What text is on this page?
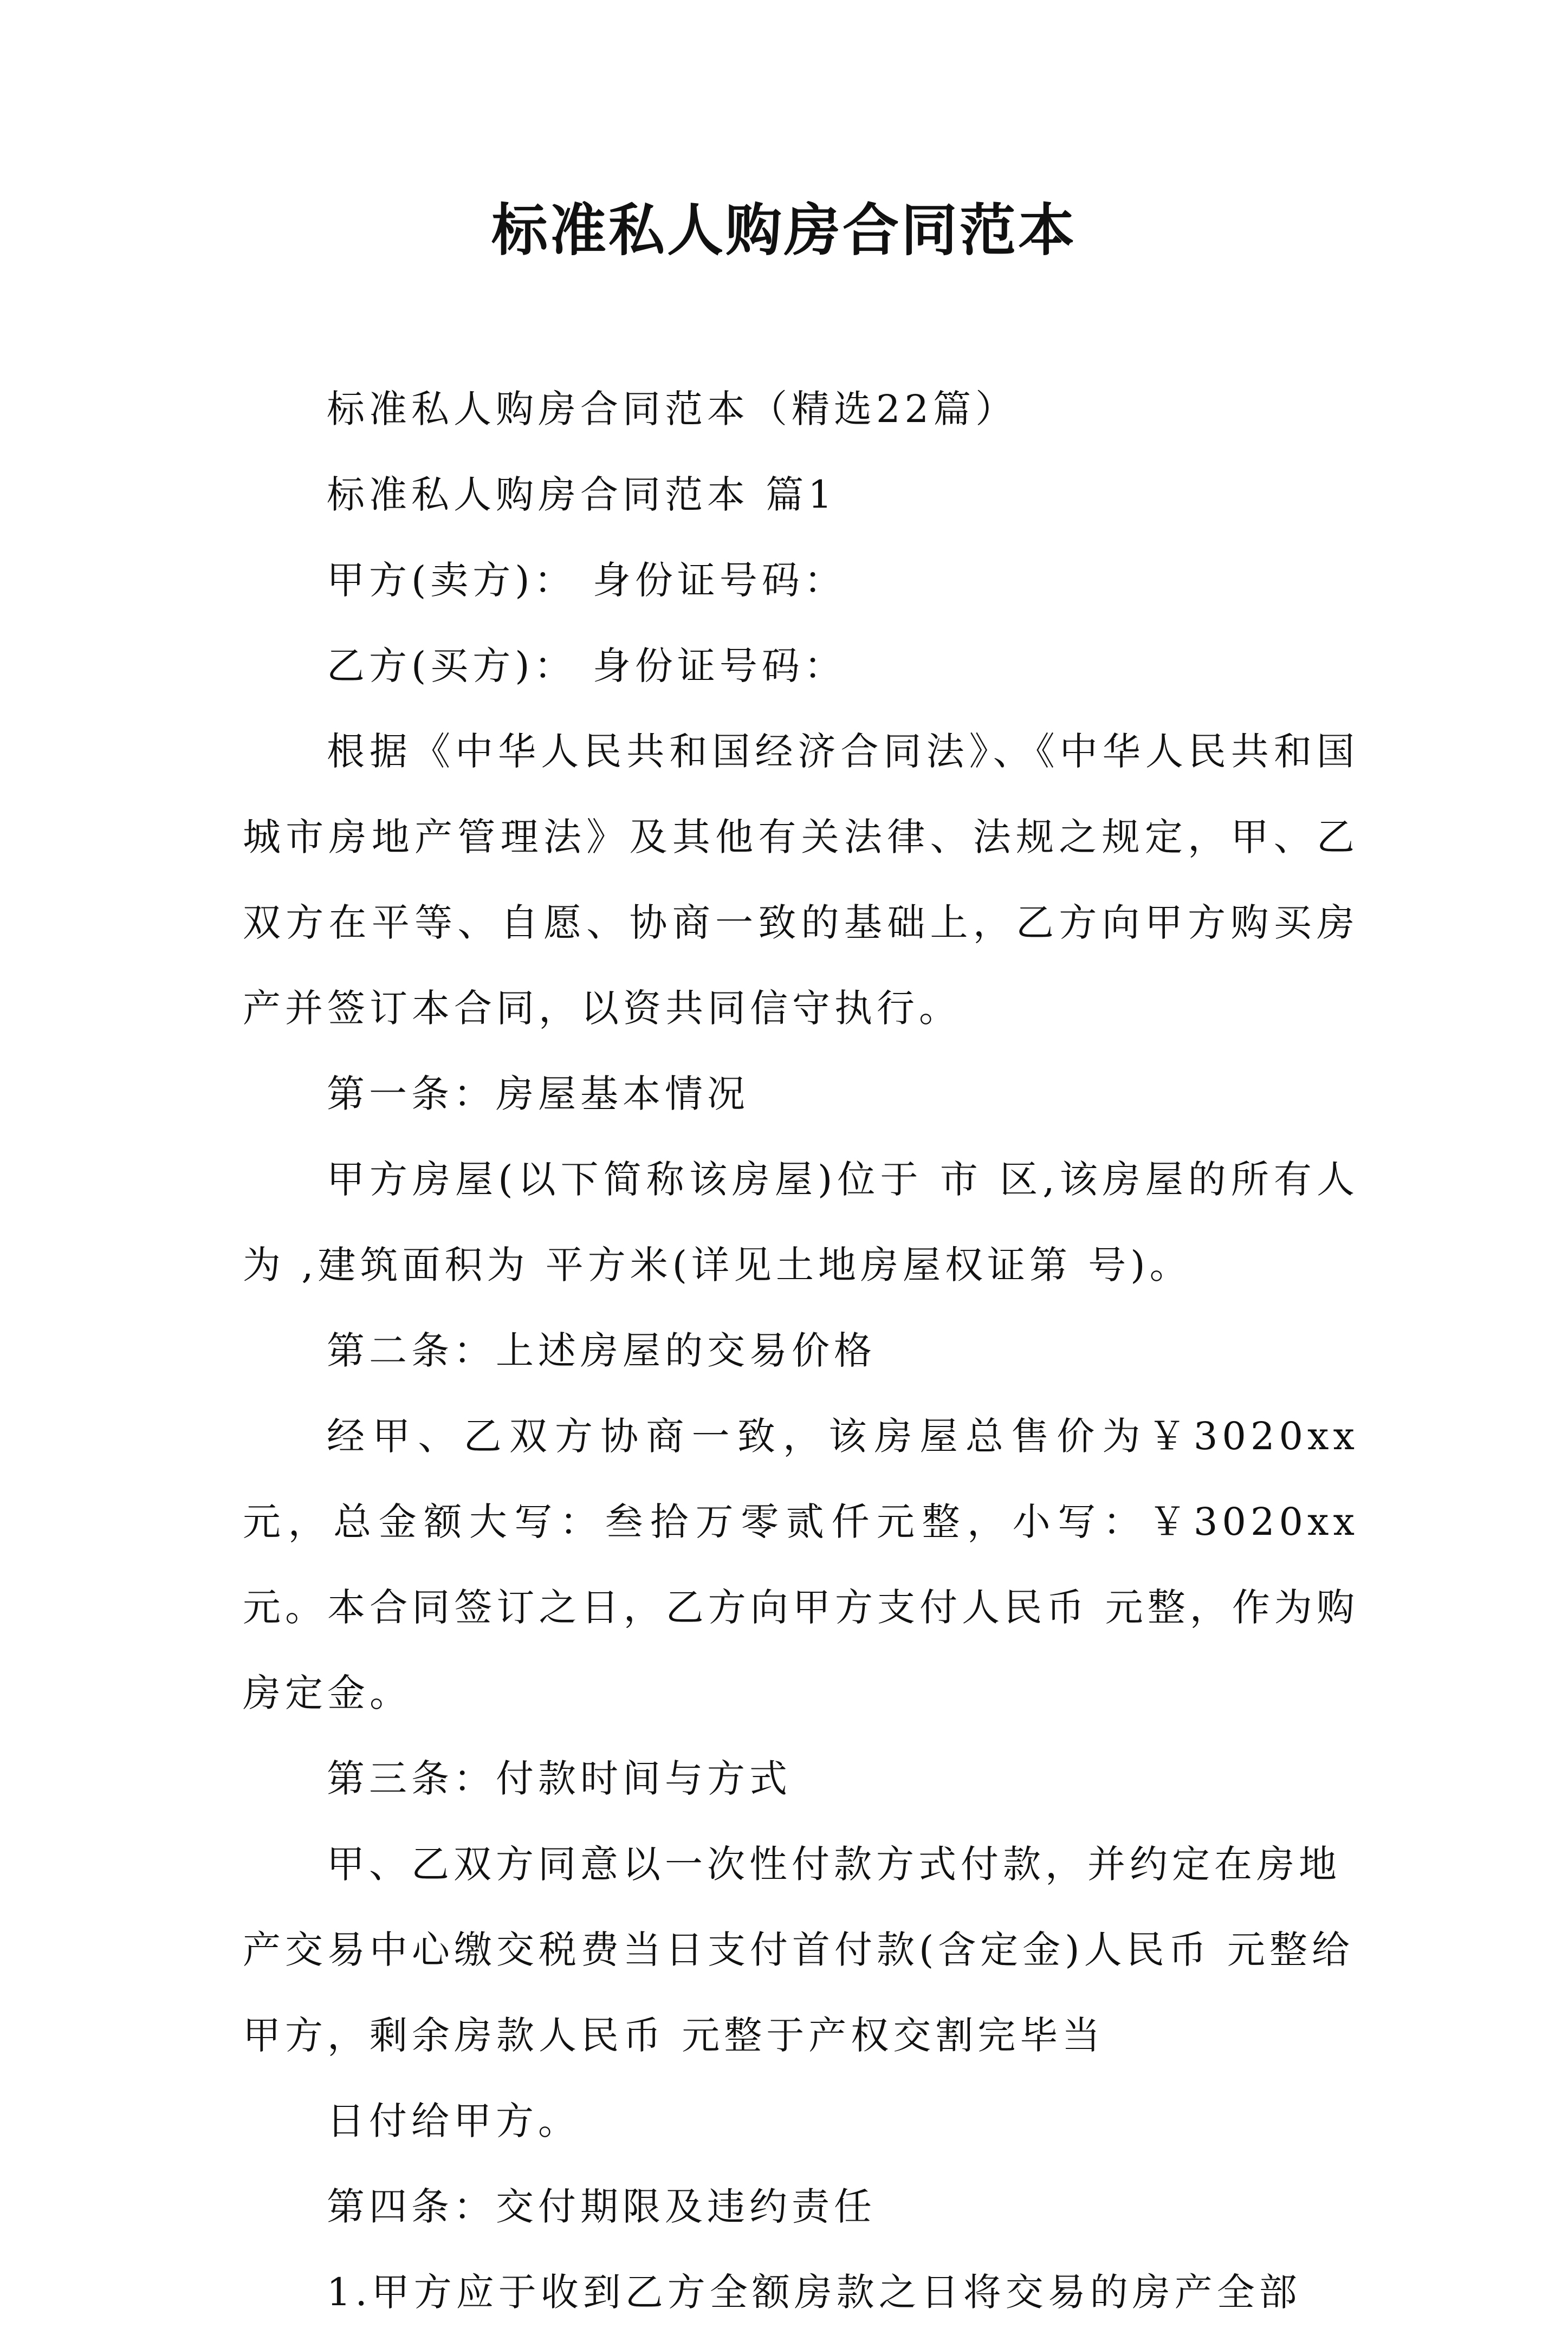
标准私人购房合同范本

标准私人购房合同范本（精选22篇）

标准私人购房合同范本 篇1

甲方(卖方)： 身份证号码：

乙方(买方)： 身份证号码：

根据《中华人民共和国经济合同法》、《中华人民共和国城市房地产管理法》及其他有关法律、法规之规定，甲、乙双方在平等、自愿、协商一致的基础上，乙方向甲方购买房产并签订本合同，以资共同信守执行。

第一条：房屋基本情况

甲方房屋(以下简称该房屋)位于 市 区,该房屋的所有人为 ,建筑面积为 平方米(详见土地房屋权证第 号)。

第二条：上述房屋的交易价格

经甲、乙双方协商一致，该房屋总售价为￥3020xx元，总金额大写：叁拾万零贰仟元整，小写：￥3020xx元。本合同签订之日，乙方向甲方支付人民币 元整，作为购房定金。

第三条：付款时间与方式

甲、乙双方同意以一次性付款方式付款，并约定在房地产交易中心缴交税费当日支付首付款(含定金)人民币 元整给甲方，剩余房款人民币 元整于产权交割完毕当

日付给甲方。

第四条：交付期限及违约责任

1.甲方应于收到乙方全额房款之日将交易的房产全部
